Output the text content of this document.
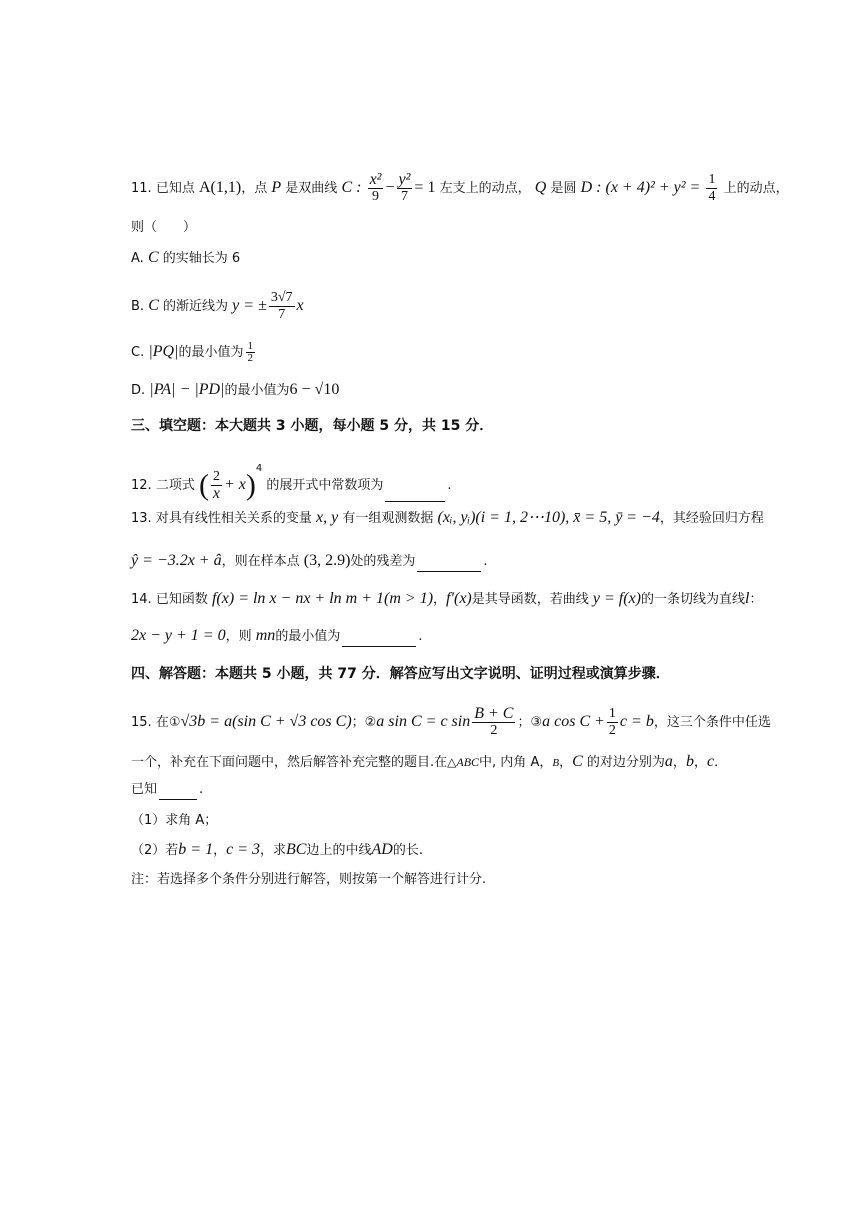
11. 已知点 A(1,1)，点 P 是双曲线 C : $\frac{\text{x²}}{9} - \frac{\text{y²}}{7} = 1$ 左支上的动点， Q 是圆 D : $(x + 4)^2 + y^2 = \frac{1}{4}$ 上的动点，
则（　　）
A. C 的实轴长为 6
B. C 的渐近线为 y = ± $\frac{3√7}{7}$ x
C. |PQ|的最小值为 $\frac{1}{2}$
D. |PA| − |PD|的最小值为6 − √10
三、填空题：本大题共 3 小题，每小题 5 分，共 15 分．
12. 二项式 ( $\frac{2}{x} + x)^4$ 的展开式中常数项为	.
13. 对具有线性相关关系的变量 x, y 有一组观测数据 (xᵢ, yᵢ)(i = 1, 2⋯10), x̄ = 5, ȳ = −4，其经验回归方程
ŷ = −3.2x + â，则在样本点 (3, 2.9)处的残差为	.
14. 已知函数 f(x) = ln x − nx + ln m + 1(m > 1)，f′(x)是其导函数，若曲线 y = f(x)的一条切线为直线l：
2x − y + 1 = 0，则 mn的最小值为	.
四、解答题：本题共 5 小题，共 77 分．解答应写出文字说明、证明过程或演算步骤．
15. 在①√3b = a(sin C + √3 cos C)；②a sin C = c $\sin \frac{B + C}{2}$ ；③a $\cos C + \frac{1}{2}$ c = b，这三个条件中任选
一个，补充在下面问题中，然后解答补充完整的题目.在△ABC中, 内角 A，B，C 的对边分别为a，b，c．
已知	.
（1）求角 A；
（2）若b = 1，c = 3，求BC边上的中线AD的长.
注：若选择多个条件分别进行解答，则按第一个解答进行计分.
